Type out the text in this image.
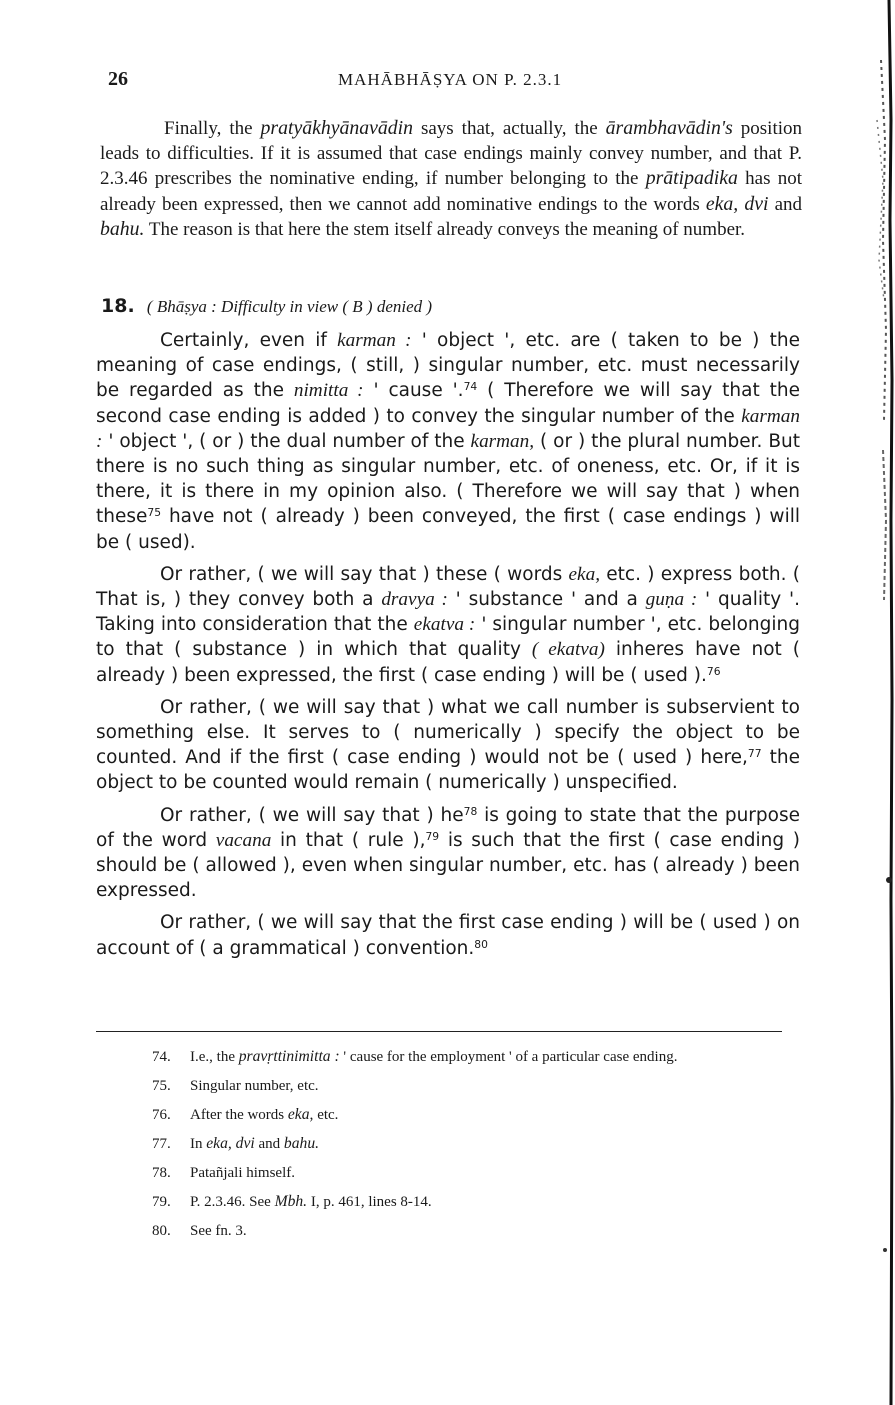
26	MAHĀBHĀṢYA ON P. 2.3.1
Finally, the pratyākhyānavādin says that, actually, the ārambhavādin's position leads to difficulties. If it is assumed that case endings mainly convey number, and that P. 2.3.46 prescribes the nominative ending, if number belonging to the prātipadika has not already been expressed, then we cannot add nominative endings to the words eka, dvi and bahu. The reason is that here the stem itself already conveys the meaning of number.
18. ( Bhāṣya : Difficulty in view ( B ) denied )

Certainly, even if karman : ' object ', etc. are ( taken to be ) the meaning of case endings, ( still, ) singular number, etc. must necessarily be regarded as the nimitta : ' cause '.$^{74}$ ( Therefore we will say that the second case ending is added ) to convey the singular number of the karman : ' object ', ( or ) the dual number of the karman, ( or ) the plural number. But there is no such thing as singular number, etc. of oneness, etc. Or, if it is there, it is there in my opinion also. ( Therefore we will say that ) when these$^{75}$ have not ( already ) been conveyed, the first ( case endings ) will be ( used).

Or rather, ( we will say that ) these ( words eka, etc. ) express both. ( That is, ) they convey both a dravya : ' substance ' and a guṇa : ' quality '. Taking into consideration that the ekatva : ' singular number ', etc. belonging to that ( substance ) in which that quality ( ekatva) inheres have not ( already ) been expressed, the first ( case ending ) will be ( used ).$^{76}$

Or rather, ( we will say that ) what we call number is subservient to something else. It serves to ( numerically ) specify the object to be counted. And if the first ( case ending ) would not be ( used ) here,$^{77}$ the object to be counted would remain ( numerically ) unspecified.

Or rather, ( we will say that ) $he^{78}$ is going to state that the purpose of the word vacana in that ( rule ),$^{79}$ is such that the first ( case ending ) should be ( allowed ), even when singular number, etc. has ( already ) been expressed.

Or rather, ( we will say that the first case ending ) will be ( used ) on account of ( a grammatical ) convention.$^{80}$

74. I.e., the pravṛttinimitta : ' cause for the employment ' of a particular case ending.
75. Singular number, etc.
76. After the words eka, etc.
77. In eka, dvi and bahu.
78. Patañjali himself.
79. P. 2.3.46. See Mbh. I, p. 461, lines 8-14.
80. See fn. 3.
